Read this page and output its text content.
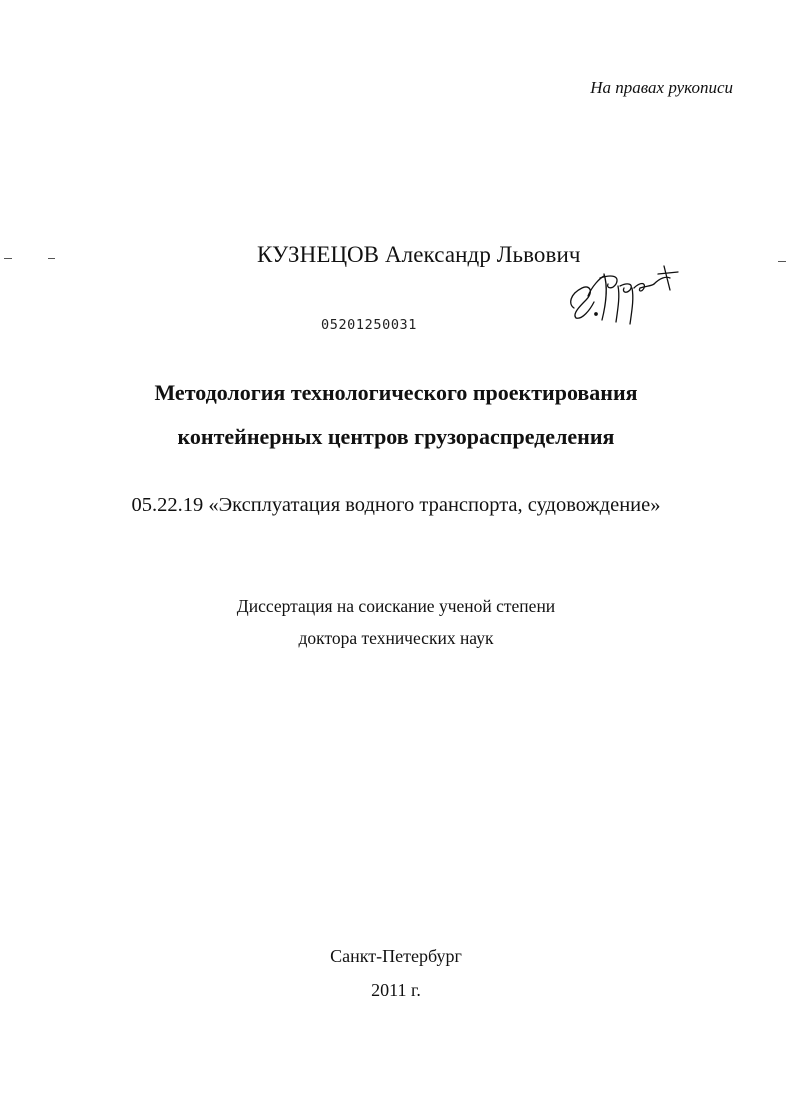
На правах рукописи
КУЗНЕЦОВ Александр Львович
05201250031
Методология технологического проектирования
контейнерных центров грузораспределения
05.22.19 «Эксплуатация водного транспорта, судовождение»
Диссертация на соискание ученой степени
доктора технических наук
Санкт-Петербург
2011 г.
